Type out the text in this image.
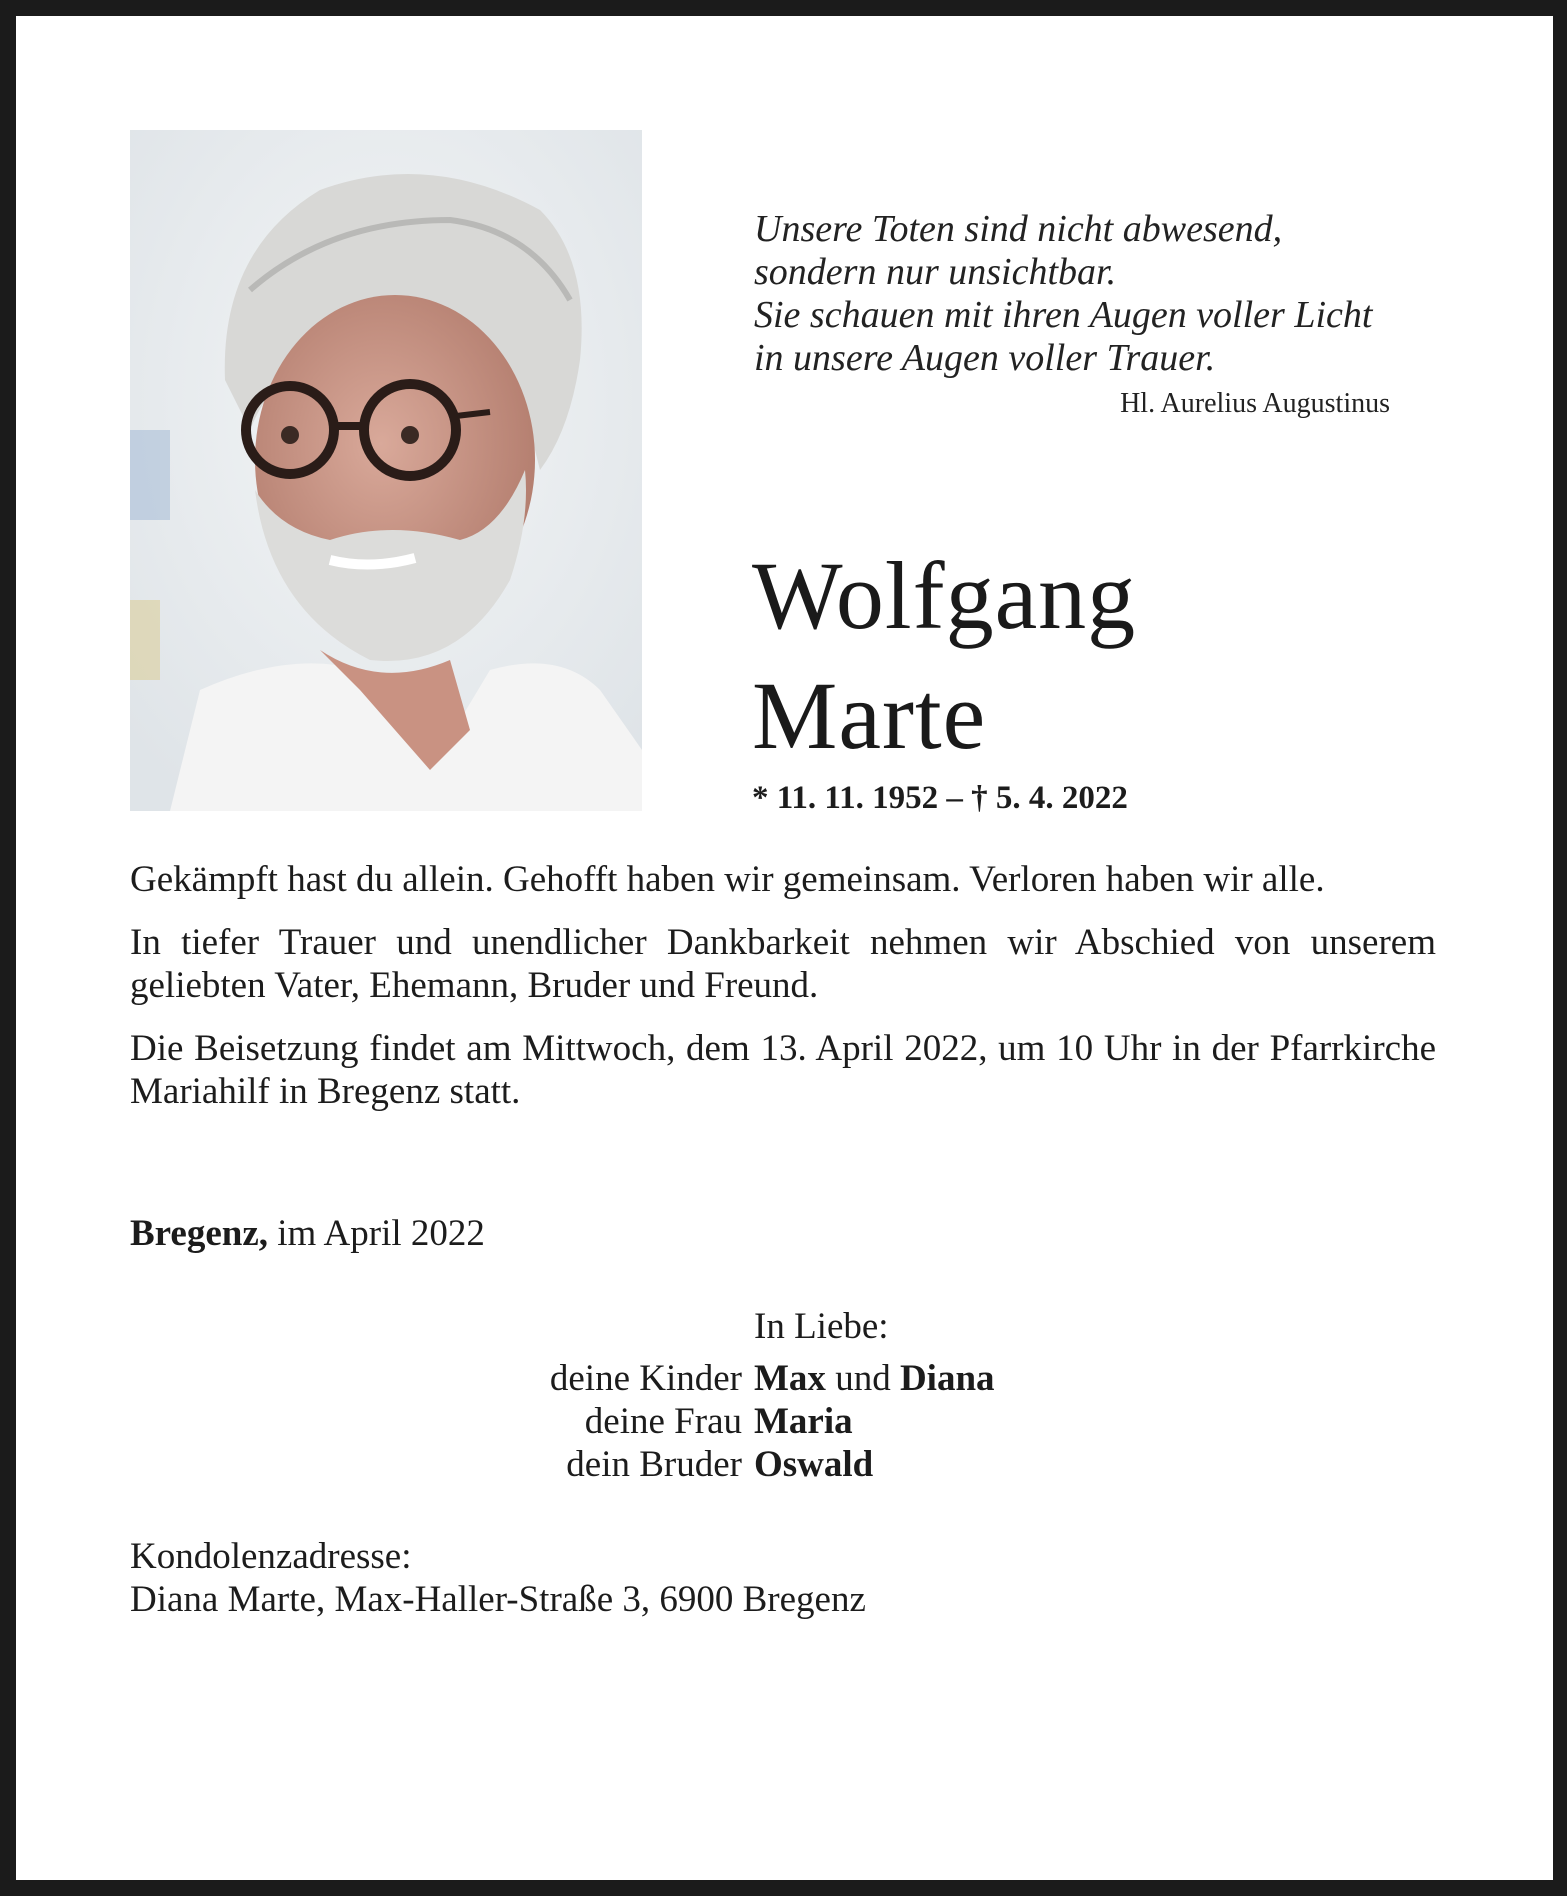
Unsere Toten sind nicht abwesend,
sondern nur unsichtbar.
Sie schauen mit ihren Augen voller Licht
in unsere Augen voller Trauer.
Hl. Aurelius Augustinus
Wolfgang
Marte
* 11. 11. 1952 – † 5. 4. 2022

Gekämpft hast du allein. Gehofft haben wir gemeinsam. Verloren haben wir alle.

In tiefer Trauer und unendlicher Dankbarkeit nehmen wir Abschied von unserem geliebten Vater, Ehemann, Bruder und Freund.

Die Beisetzung findet am Mittwoch, dem 13. April 2022, um 10 Uhr in der Pfarrkirche Mariahilf in Bregenz statt.

Bregenz, im April 2022
In Liebe:
deine Kinder Max und Diana
deine Frau Maria
dein Bruder Oswald
Kondolenzadresse:
Diana Marte, Max-Haller-Straße 3, 6900 Bregenz
